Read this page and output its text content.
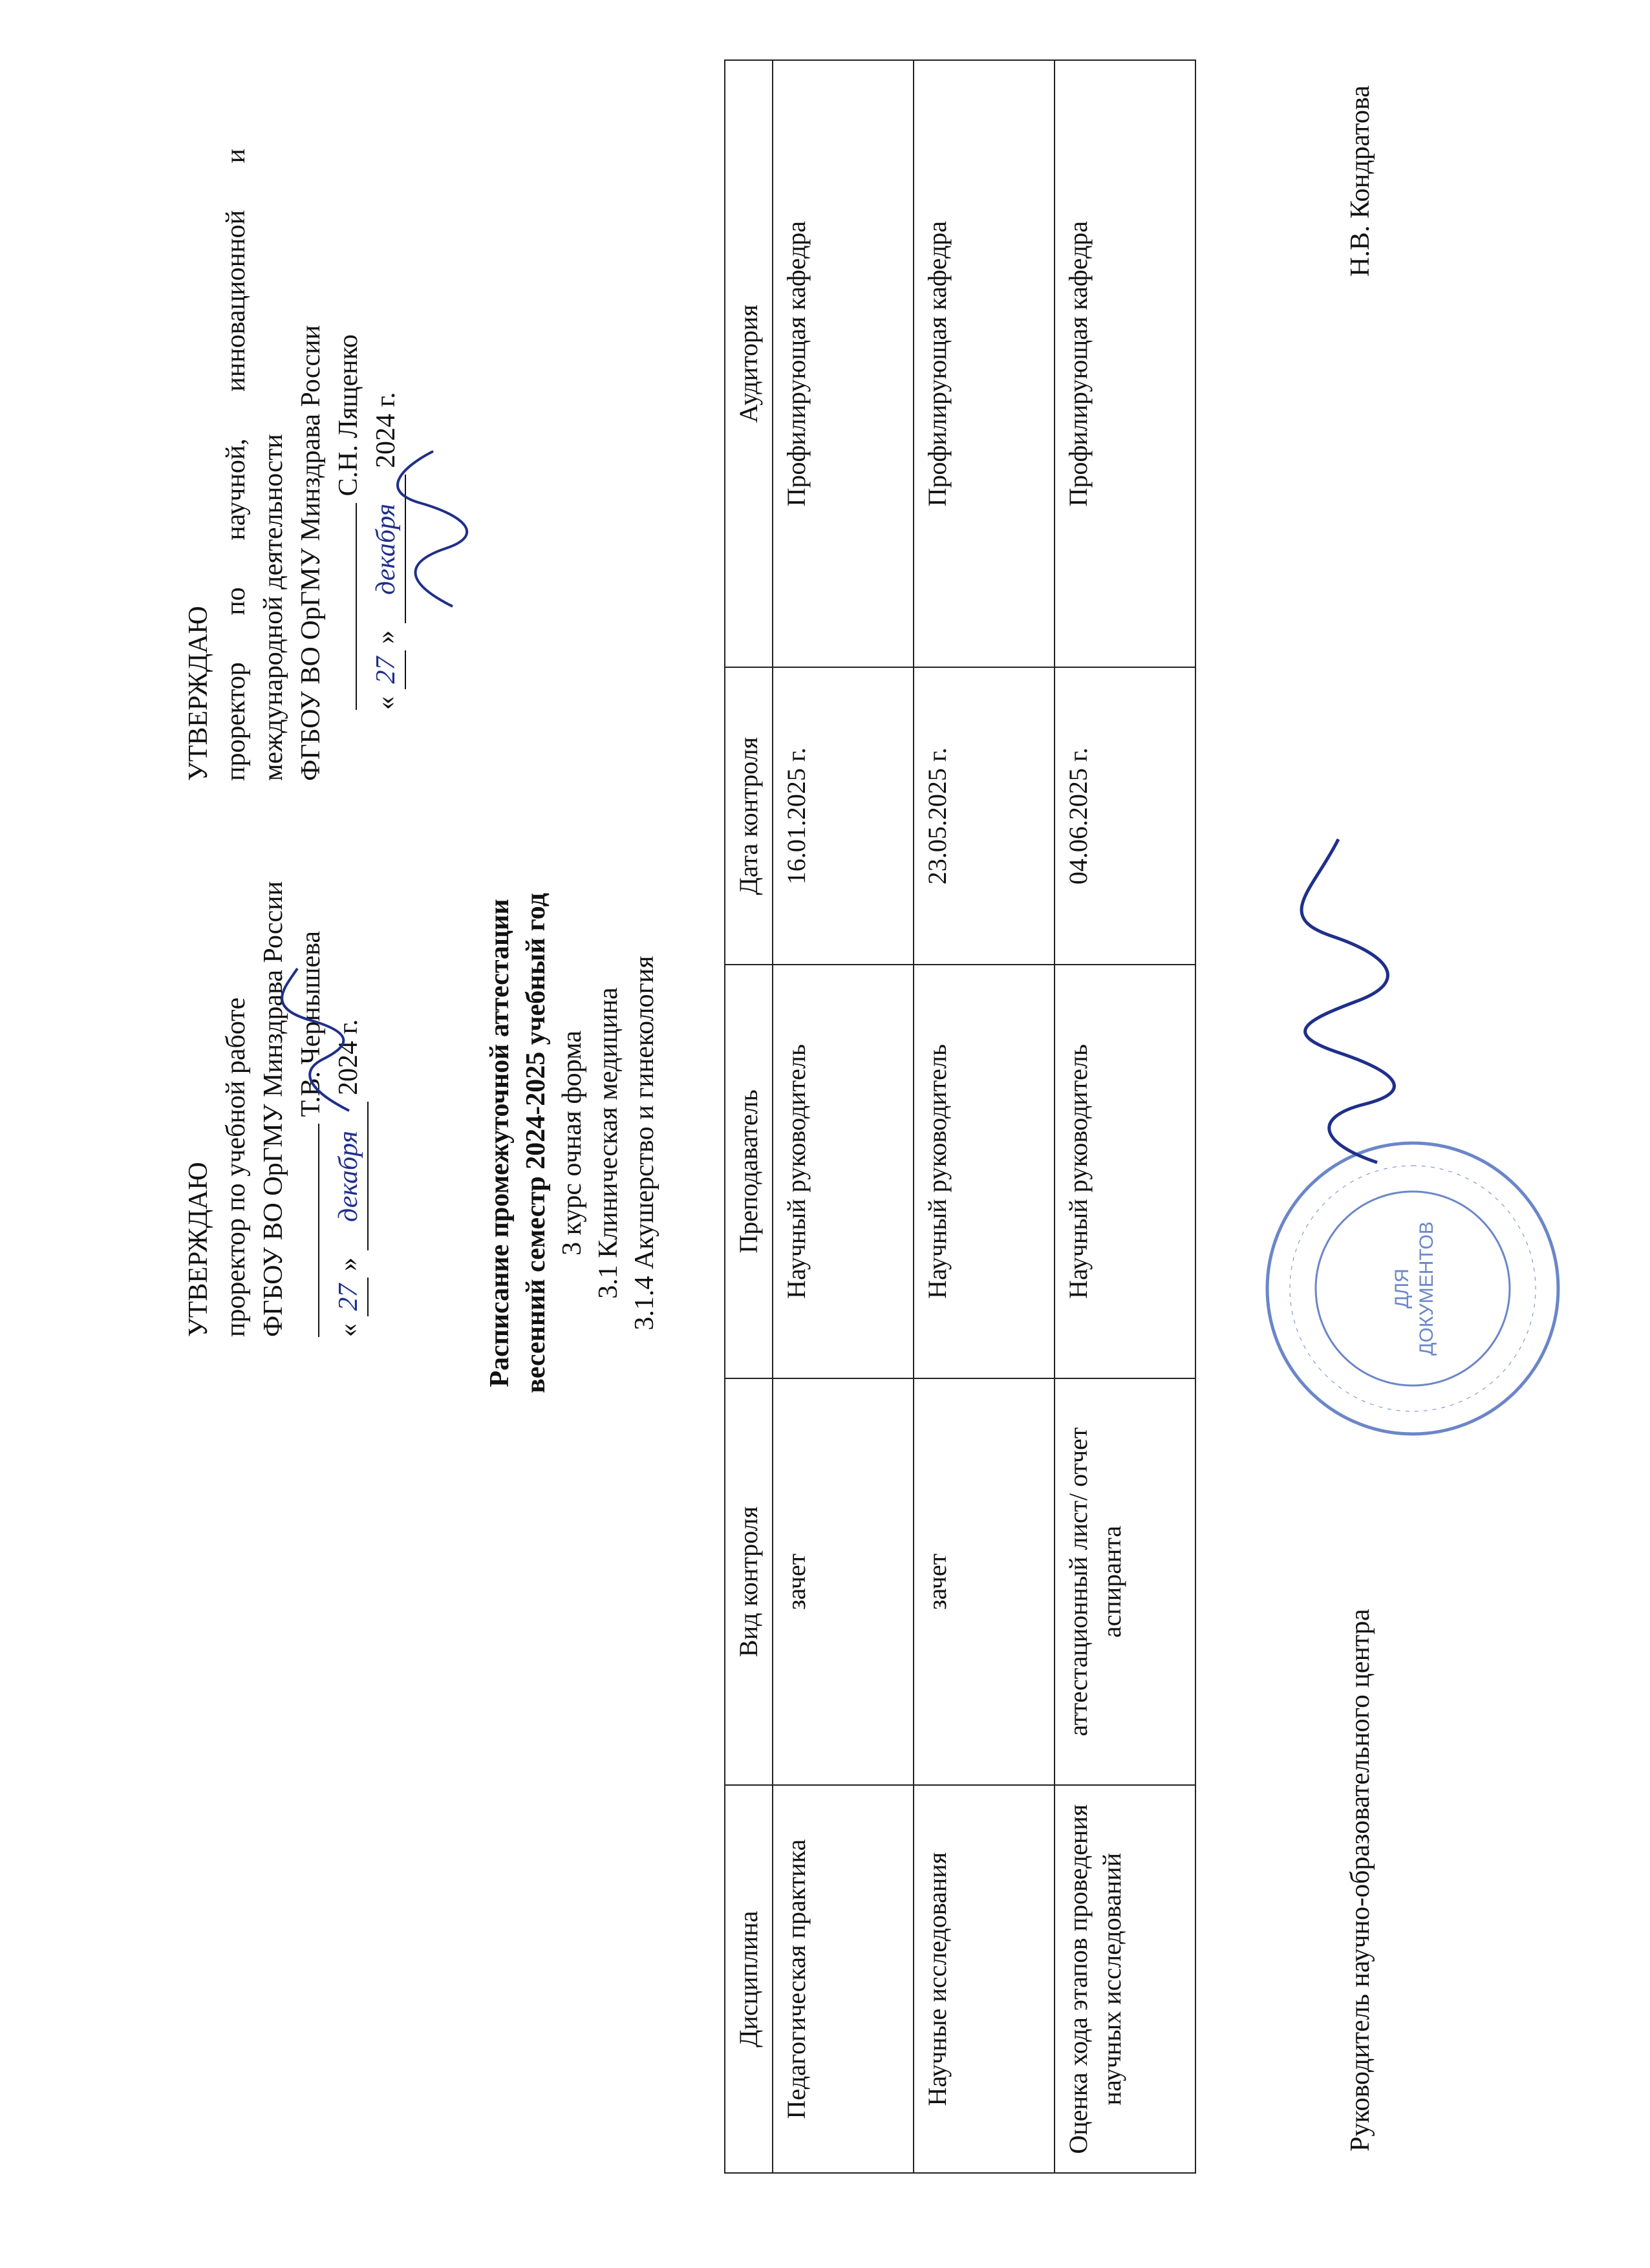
УТВЕРЖДАЮ проректор по учебной работе ФГБОУ ВО ОрГМУ Минздрава России Т.В. Чернышева
« 27 » декабря 2024 г.
УТВЕРЖДАЮ проректор по научной, инновационной и международной деятельности ФГБОУ ВО ОрГМУ Минздрава России С.Н. Лященко
« 27 » декабря 2024 г.
Расписание промежуточной аттестации весенний семестр 2024-2025 учебный год 3 курс очная форма 3.1 Клиническая медицина 3.1.4 Акушерство и гинекология
Дисциплина	Вид контроля	Преподаватель	Дата контроля	Аудитория
Педагогическая практика	зачет	Научный руководитель	16.01.2025 г.	Профилирующая кафедра
Научные исследования	зачет	Научный руководитель	23.05.2025 г.	Профилирующая кафедра
Оценка хода этапов проведения научных исследований	аттестационный лист/ отчет аспиранта	Научный руководитель	04.06.2025 г.	Профилирующая кафедра
Руководитель научно-образовательного центра
Н.В. Кондратова
ДЛЯ ДОКУМЕНТОВ
